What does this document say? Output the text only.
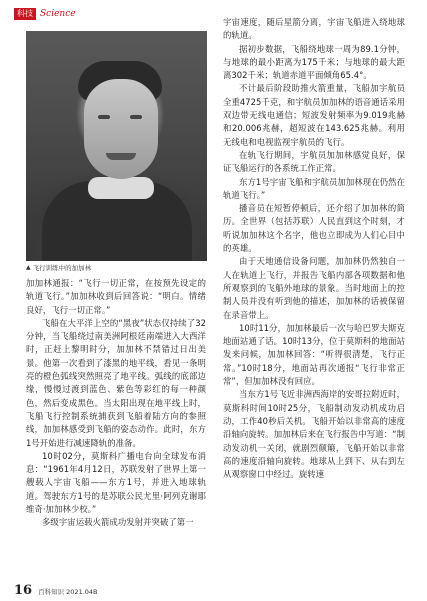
科技 Science
▲ 飞行训练中的加加林

加加林通报：“飞行一切正常，在按预先设定的轨道飞行。”加加林收到后回答说：“明白。情绪良好，飞行一切正常。”

飞船在大平洋上空的“黑夜”状态仅持续了32分钟，当飞船绕过南美洲阿根廷南端进入大西洋时，正赶上黎明时分，加加林不禁错过日出美景。他第一次看到了漆黑的地平线，看见一条明亮的橙色弧线突然照亮了地平线。弧线的底部边缘，慢慢过渡到蓝色、紫色等彩红的每一种颜色，然后变成黑色。当太阳出现在地平线上时，飞船飞行控制系统捕获到飞船着陆方向的参照线，加加林感受到飞船的姿态动作。此时，东方1号开始进行减速降轨的准备。

10时02分，莫斯科广播电台向全球发布消息：“1961年4月12日，苏联发射了世界上第一艘载人宇宙飞船——东方1号，并进入地球轨道。驾驶东方1号的是苏联公民尤里·阿列克谢耶维奇·加加林少校。”

多级宇宙运载火箭成功发射并突破了第一

宇宙速度，随后星箭分离，宇宙飞船进入绕地球的轨道。

据初步数据，飞船绕地球一周为89.1分钟，与地球的最小距离为175千米；与地球的最大距离302千米；轨道赤道平面倾角65.4°。

不计最后阶段助推火箭重量，飞船加宇航员全重4725千克，和宇航员加加林的语音通话采用双边带无线电通信；短波发射频率为9.019兆赫和20.006兆赫，超短波在143.625兆赫。利用无线电和电视监视宇航员的飞行。

在轨飞行期间，宇航员加加林感觉良好，保证飞船运行的各系统工作正常。

东方1号宇宙飞船和宇航员加加林现在仍然在轨道飞行。”

播音员在短暂停顿后，还介绍了加加林的简历。全世界（包括苏联）人民直到这个时刻，才听说加加林这个名字，他也立即成为人们心目中的英雄。

由于天地通信设备问题，加加林仍然独自一人在轨道上飞行，并报告飞船内部各项数据和他所观察到的飞船外地球的景象。当时地面上的控制人员并没有听到他的描述，加加林的话被保留在录音带上。

10时11分，加加林最后一次与哈巴罗夫斯克地面站通了话。10时13分，位于莫斯科的地面站发来问候，加加林回答：“听得很清楚，飞行正常。”10时18分，地面站再次通报“飞行非常正常”，但加加林没有回应。

当东方1号飞近非洲西海岸的安哥拉附近时，莫斯科时间10时25分，飞船制动发动机成功启动，工作40秒后关机。飞船开始以非常高的速度沿轴向旋转。加加林后来在飞行报告中写道：“制动发动机一关闭，就剧烈颠簸，飞船开始以非常高的速度沿轴向旋转。地球从上到下、从右到左从观察窗口中经过。旋转速

16 百科知识 2021.04B
